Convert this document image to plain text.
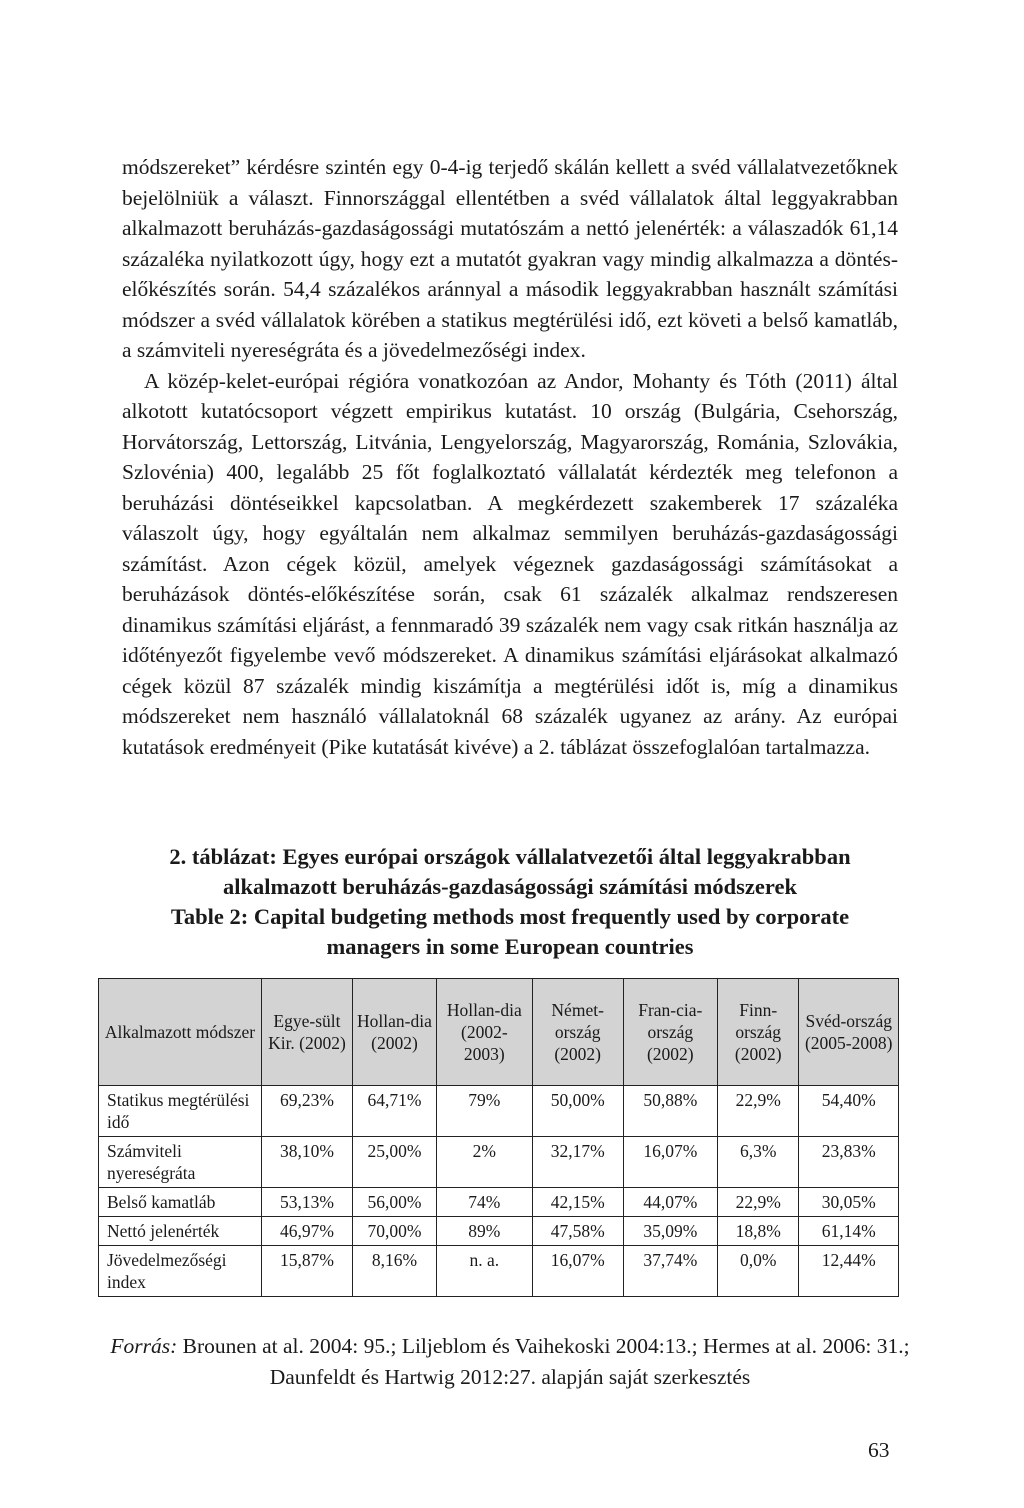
módszereket” kérdésre szintén egy 0-4-ig terjedő skálán kellett a svéd vállalatvezetőknek bejelölniük a választ. Finnországgal ellentétben a svéd vállalatok által leggyakrabban alkalmazott beruházás-gazdaságossági mutatószám a nettó jelenérték: a válaszadók 61,14 százaléka nyilatkozott úgy, hogy ezt a mutatót gyakran vagy mindig alkalmazza a döntés-előkészítés során. 54,4 százalékos aránnyal a második leggyakrabban használt számítási módszer a svéd vállalatok körében a statikus megtérülési idő, ezt követi a belső kamatláb, a számviteli nyereségráta és a jövedelmezőségi index.

A közép-kelet-európai régióra vonatkozóan az Andor, Mohanty és Tóth (2011) által alkotott kutatócsoport végzett empirikus kutatást. 10 ország (Bulgária, Csehország, Horvátország, Lettország, Litvánia, Lengyelország, Magyarország, Románia, Szlovákia, Szlovénia) 400, legalább 25 főt foglalkoztató vállalatát kérdezték meg telefonon a beruházási döntéseikkel kapcsolatban. A megkérdezett szakemberek 17 százaléka válaszolt úgy, hogy egyáltalán nem alkalmaz semmilyen beruházás-gazdaságossági számítást. Azon cégek közül, amelyek végeznek gazdaságossági számításokat a beruházások döntés-előkészítése során, csak 61 százalék alkalmaz rendszeresen dinamikus számítási eljárást, a fennmaradó 39 százalék nem vagy csak ritkán használja az időtényezőt figyelembe vevő módszereket. A dinamikus számítási eljárásokat alkalmazó cégek közül 87 százalék mindig kiszámítja a megtérülési időt is, míg a dinamikus módszereket nem használó vállalatoknál 68 százalék ugyanez az arány. Az európai kutatások eredményeit (Pike kutatását kivéve) a 2. táblázat összefoglalóan tartalmazza.

2. táblázat: Egyes európai országok vállalatvezetői által leggyakrabban
alkalmazott beruházás-gazdaságossági számítási módszerek
Table 2: Capital budgeting methods most frequently used by corporate
managers in some European countries
Alkalmazott módszer	Egye-sült Kir. (2002)	Hollan-dia (2002)	Hollan-dia (2002-2003)	Német-ország (2002)	Fran-cia-ország (2002)	Finn-ország (2002)	Svéd-ország (2005-2008)
Statikus megtérülési idő	69,23%	64,71%	79%	50,00%	50,88%	22,9%	54,40%
Számviteli nyereségráta	38,10%	25,00%	2%	32,17%	16,07%	6,3%	23,83%
Belső kamatláb	53,13%	56,00%	74%	42,15%	44,07%	22,9%	30,05%
Nettó jelenérték	46,97%	70,00%	89%	47,58%	35,09%	18,8%	61,14%
Jövedelmezőségi index	15,87%	8,16%	n. a.	16,07%	37,74%	0,0%	12,44%
Forrás: Brounen at al. 2004: 95.; Liljeblom és Vaihekoski 2004:13.; Hermes at al. 2006: 31.; Daunfeldt és Hartwig 2012:27. alapján saját szerkesztés
63
